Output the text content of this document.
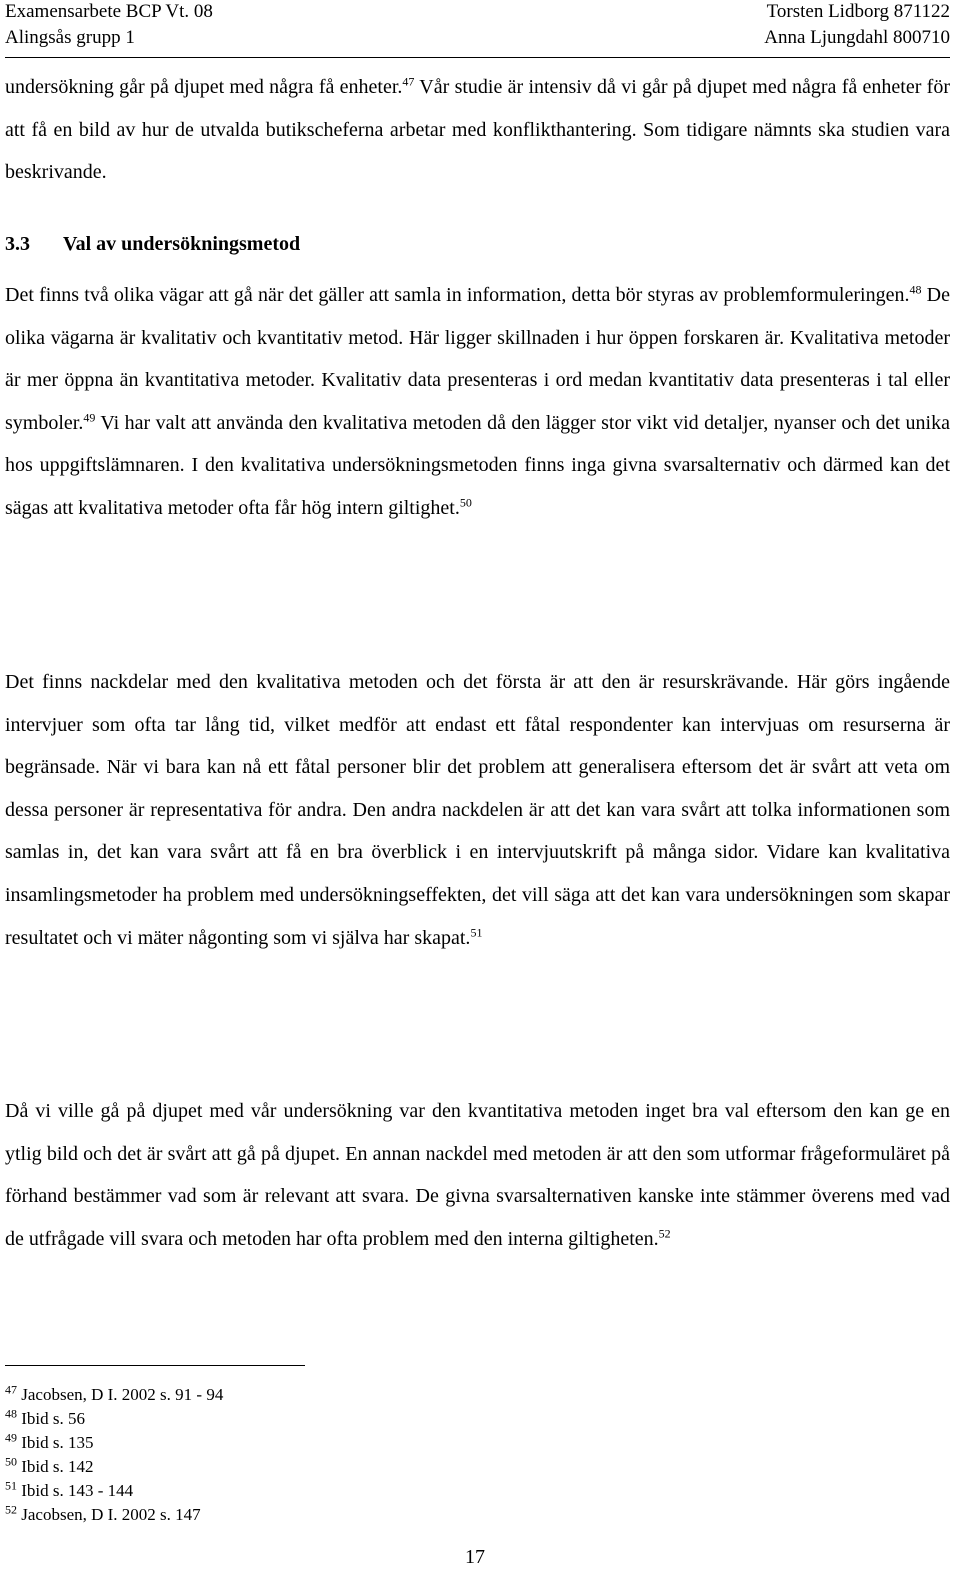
Examensarbete BCP Vt. 08	Torsten Lidborg 871122
Alingsås grupp 1	Anna Ljungdahl 800710

undersökning går på djupet med några få enheter.$^{47}$ Vår studie är intensiv då vi går på djupet med några få enheter för att få en bild av hur de utvalda butikscheferna arbetar med konflikthantering. Som tidigare nämnts ska studien vara beskrivande.

3.3 Val av undersökningsmetod

Det finns två olika vägar att gå när det gäller att samla in information, detta bör styras av problemformuleringen.$^{48}$ De olika vägarna är kvalitativ och kvantitativ metod. Här ligger skillnaden i hur öppen forskaren är. Kvalitativa metoder är mer öppna än kvantitativa metoder. Kvalitativ data presenteras i ord medan kvantitativ data presenteras i tal eller symboler.$^{49}$ Vi har valt att använda den kvalitativa metoden då den lägger stor vikt vid detaljer, nyanser och det unika hos uppgiftslämnaren. I den kvalitativa undersökningsmetoden finns inga givna svarsalternativ och därmed kan det sägas att kvalitativa metoder ofta får hög intern giltighet.$^{50}$

Det finns nackdelar med den kvalitativa metoden och det första är att den är resurskrävande. Här görs ingående intervjuer som ofta tar lång tid, vilket medför att endast ett fåtal respondenter kan intervjuas om resurserna är begränsade. När vi bara kan nå ett fåtal personer blir det problem att generalisera eftersom det är svårt att veta om dessa personer är representativa för andra. Den andra nackdelen är att det kan vara svårt att tolka informationen som samlas in, det kan vara svårt att få en bra överblick i en intervjuutskrift på många sidor. Vidare kan kvalitativa insamlingsmetoder ha problem med undersökningseffekten, det vill säga att det kan vara undersökningen som skapar resultatet och vi mäter någonting som vi själva har skapat.$^{51}$

Då vi ville gå på djupet med vår undersökning var den kvantitativa metoden inget bra val eftersom den kan ge en ytlig bild och det är svårt att gå på djupet. En annan nackdel med metoden är att den som utformar frågeformuläret på förhand bestämmer vad som är relevant att svara. De givna svarsalternativen kanske inte stämmer överens med vad de utfrågade vill svara och metoden har ofta problem med den interna giltigheten.$^{52}$

$^{47}$ Jacobsen, D I. 2002 s. 91 - 94
$^{48}$ Ibid s. 56
$^{49}$ Ibid s. 135
$^{50}$ Ibid s. 142
$^{51}$ Ibid s. 143 - 144
$^{52}$ Jacobsen, D I. 2002 s. 147
17
